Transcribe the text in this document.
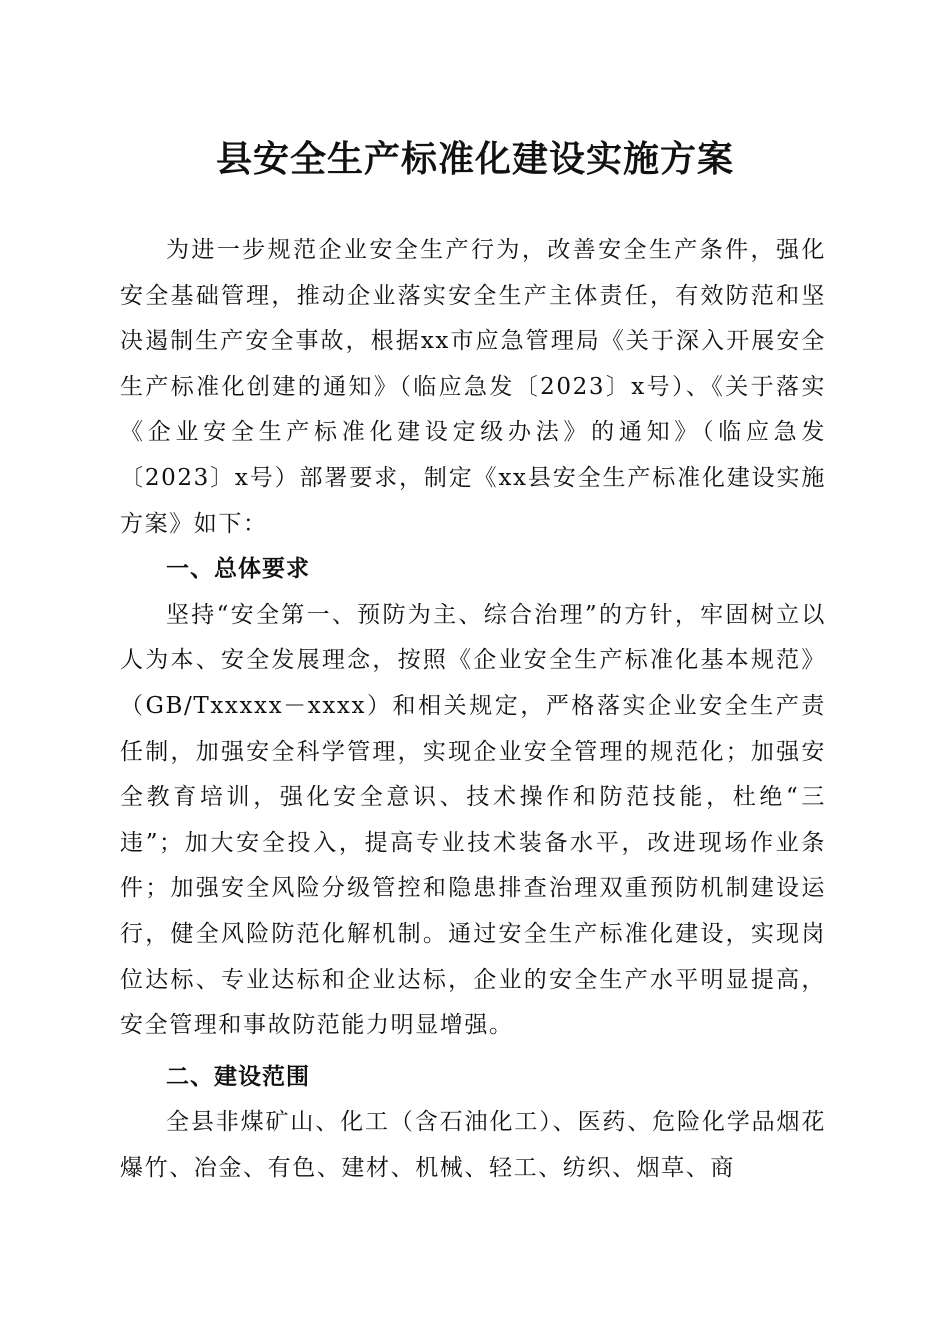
县安全生产标准化建设实施方案

为进一步规范企业安全生产行为，改善安全生产条件，强化安全基础管理，推动企业落实安全生产主体责任，有效防范和坚决遏制生产安全事故，根据xx市应急管理局《关于深入开展安全生产标准化创建的通知》（临应急发〔2023〕x号）、《关于落实《企业安全生产标准化建设定级办法》的通知》（临应急发〔2023〕x号）部署要求，制定《xx县安全生产标准化建设实施方案》如下：

一、总体要求

坚持“安全第一、预防为主、综合治理”的方针，牢固树立以人为本、安全发展理念，按照《企业安全生产标准化基本规范》（GB/Txxxxx－xxxx）和相关规定，严格落实企业安全生产责任制，加强安全科学管理，实现企业安全管理的规范化；加强安全教育培训，强化安全意识、技术操作和防范技能，杜绝“三违”；加大安全投入，提高专业技术装备水平，改进现场作业条件；加强安全风险分级管控和隐患排查治理双重预防机制建设运行，健全风险防范化解机制。通过安全生产标准化建设，实现岗位达标、专业达标和企业达标，企业的安全生产水平明显提高，安全管理和事故防范能力明显增强。

二、建设范围

全县非煤矿山、化工（含石油化工）、医药、危险化学品烟花爆竹、冶金、有色、建材、机械、轻工、纺织、烟草、商
